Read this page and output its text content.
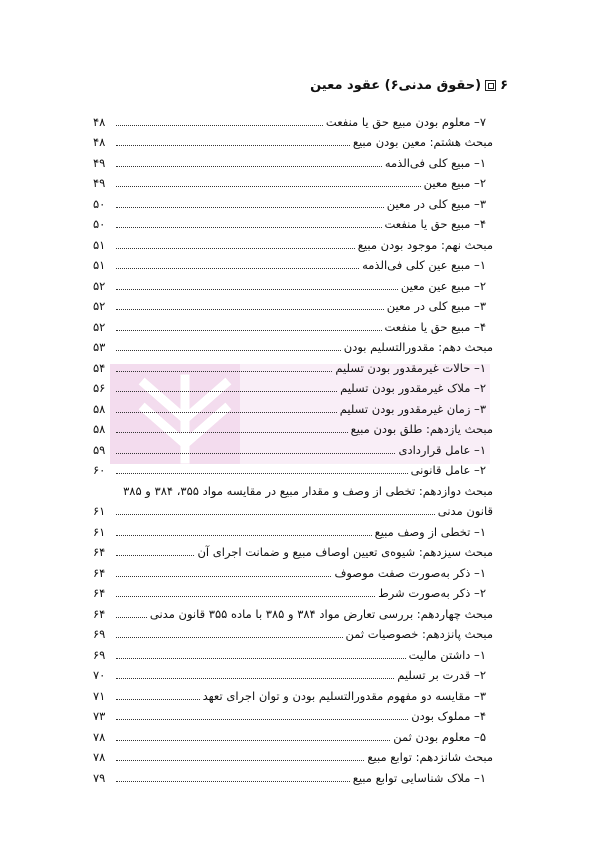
۶
(حقوق مدنی۶) عقود معین
۷– معلوم بودن مبیع حق یا منفعت
۴۸
مبحث هشتم: معین بودن مبیع
۴۸
۱– مبیع کلی فی‌الذمه
۴۹
۲– مبیع معین
۴۹
۳– مبیع کلی در معین
۵۰
۴– مبیع حق یا منفعت
۵۰
مبحث نهم: موجود بودن مبیع
۵۱
۱– مبیع عین کلی فی‌الذمه
۵۱
۲– مبیع عین معین
۵۲
۳– مبیع کلی در معین
۵۲
۴– مبیع حق یا منفعت
۵۲
مبحث دهم: مقدورالتسلیم بودن
۵۳
۱– حالات غیرمقدور بودن تسلیم
۵۴
۲– ملاک غیرمقدور بودن تسلیم
۵۶
۳– زمان غیرمقدور بودن تسلیم
۵۸
مبحث یازدهم: طلق بودن مبیع
۵۸
۱– عامل قراردادی
۵۹
۲– عامل قانونی
۶۰
مبحث دوازدهم: تخطی از وصف و مقدار مبیع در مقایسه مواد ۳۵۵، ۳۸۴ و ۳۸۵
قانون مدنی
۶۱
۱– تخطی از وصف مبیع
۶۱
مبحث سیزدهم: شیوه‌ی تعیین اوصاف مبیع و ضمانت اجرای آن
۶۴
۱– ذکر به‌صورت صفت موصوف
۶۴
۲– ذکر به‌صورت شرط
۶۴
مبحث چهاردهم: بررسی تعارض مواد ۳۸۴ و ۳۸۵ با ماده ۳۵۵ قانون مدنی
۶۴
مبحث پانزدهم: خصوصیات ثمن
۶۹
۱– داشتن مالیت
۶۹
۲– قدرت بر تسلیم
۷۰
۳– مقایسه دو مفهوم مقدورالتسلیم بودن و توان اجرای تعهد
۷۱
۴– مملوک بودن
۷۳
۵– معلوم بودن ثمن
۷۸
مبحث شانزدهم: توابع مبیع
۷۸
۱– ملاک شناسایی توابع مبیع
۷۹
